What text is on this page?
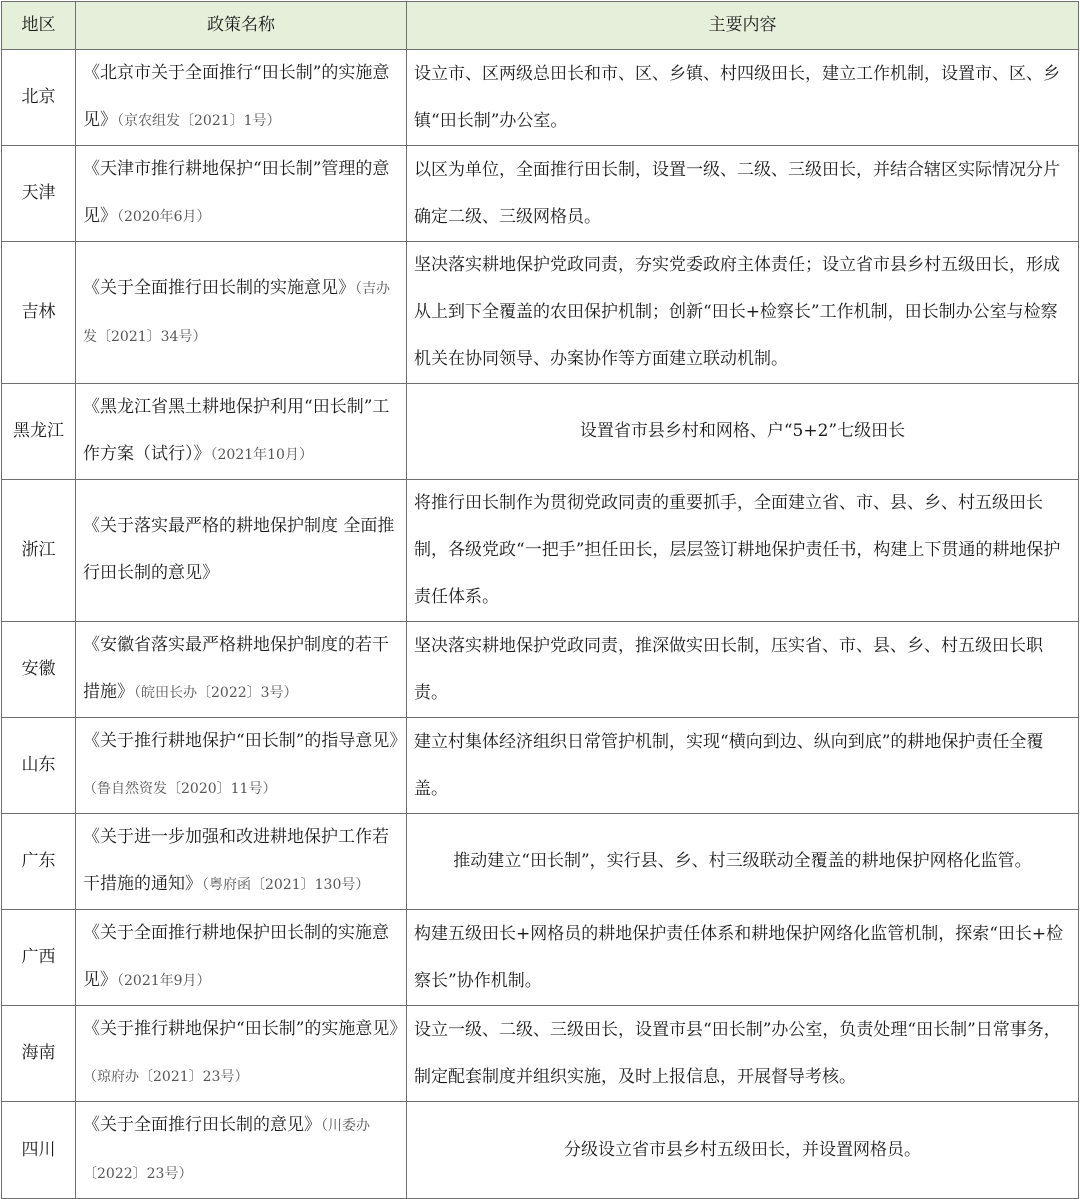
地区	政策名称	主要内容
北京	《北京市关于全面推行“田长制”的实施意见》（京农组发〔2021〕1号）	设立市、区两级总田长和市、区、乡镇、村四级田长，建立工作机制，设置市、区、乡镇“田长制”办公室。
天津	《天津市推行耕地保护“田长制”管理的意见》（2020年6月）	以区为单位，全面推行田长制，设置一级、二级、三级田长，并结合辖区实际情况分片确定二级、三级网格员。
吉林	《关于全面推行田长制的实施意见》（吉办发〔2021〕34号）	坚决落实耕地保护党政同责，夯实党委政府主体责任；设立省市县乡村五级田长，形成从上到下全覆盖的农田保护机制；创新“田长+检察长”工作机制，田长制办公室与检察机关在协同领导、办案协作等方面建立联动机制。
黑龙江	《黑龙江省黑土耕地保护利用“田长制”工作方案（试行）》（2021年10月）	设置省市县乡村和网格、户“5+2”七级田长
浙江	《关于落实最严格的耕地保护制度 全面推行田长制的意见》	将推行田长制作为贯彻党政同责的重要抓手，全面建立省、市、县、乡、村五级田长制，各级党政“一把手”担任田长，层层签订耕地保护责任书，构建上下贯通的耕地保护责任体系。
安徽	《安徽省落实最严格耕地保护制度的若干措施》（皖田长办〔2022〕3号）	坚决落实耕地保护党政同责，推深做实田长制，压实省、市、县、乡、村五级田长职责。
山东	《关于推行耕地保护“田长制”的指导意见》（鲁自然资发〔2020〕11号）	建立村集体经济组织日常管护机制，实现“横向到边、纵向到底”的耕地保护责任全覆盖。
广东	《关于进一步加强和改进耕地保护工作若干措施的通知》（粤府函〔2021〕130号）	推动建立“田长制”，实行县、乡、村三级联动全覆盖的耕地保护网格化监管。
广西	《关于全面推行耕地保护田长制的实施意见》（2021年9月）	构建五级田长+网格员的耕地保护责任体系和耕地保护网络化监管机制，探索“田长+检察长”协作机制。
海南	《关于推行耕地保护“田长制”的实施意见》（琼府办〔2021〕23号）	设立一级、二级、三级田长，设置市县“田长制”办公室，负责处理“田长制”日常事务，制定配套制度并组织实施，及时上报信息，开展督导考核。
四川	《关于全面推行田长制的意见》（川委办〔2022〕23号）	分级设立省市县乡村五级田长，并设置网格员。
